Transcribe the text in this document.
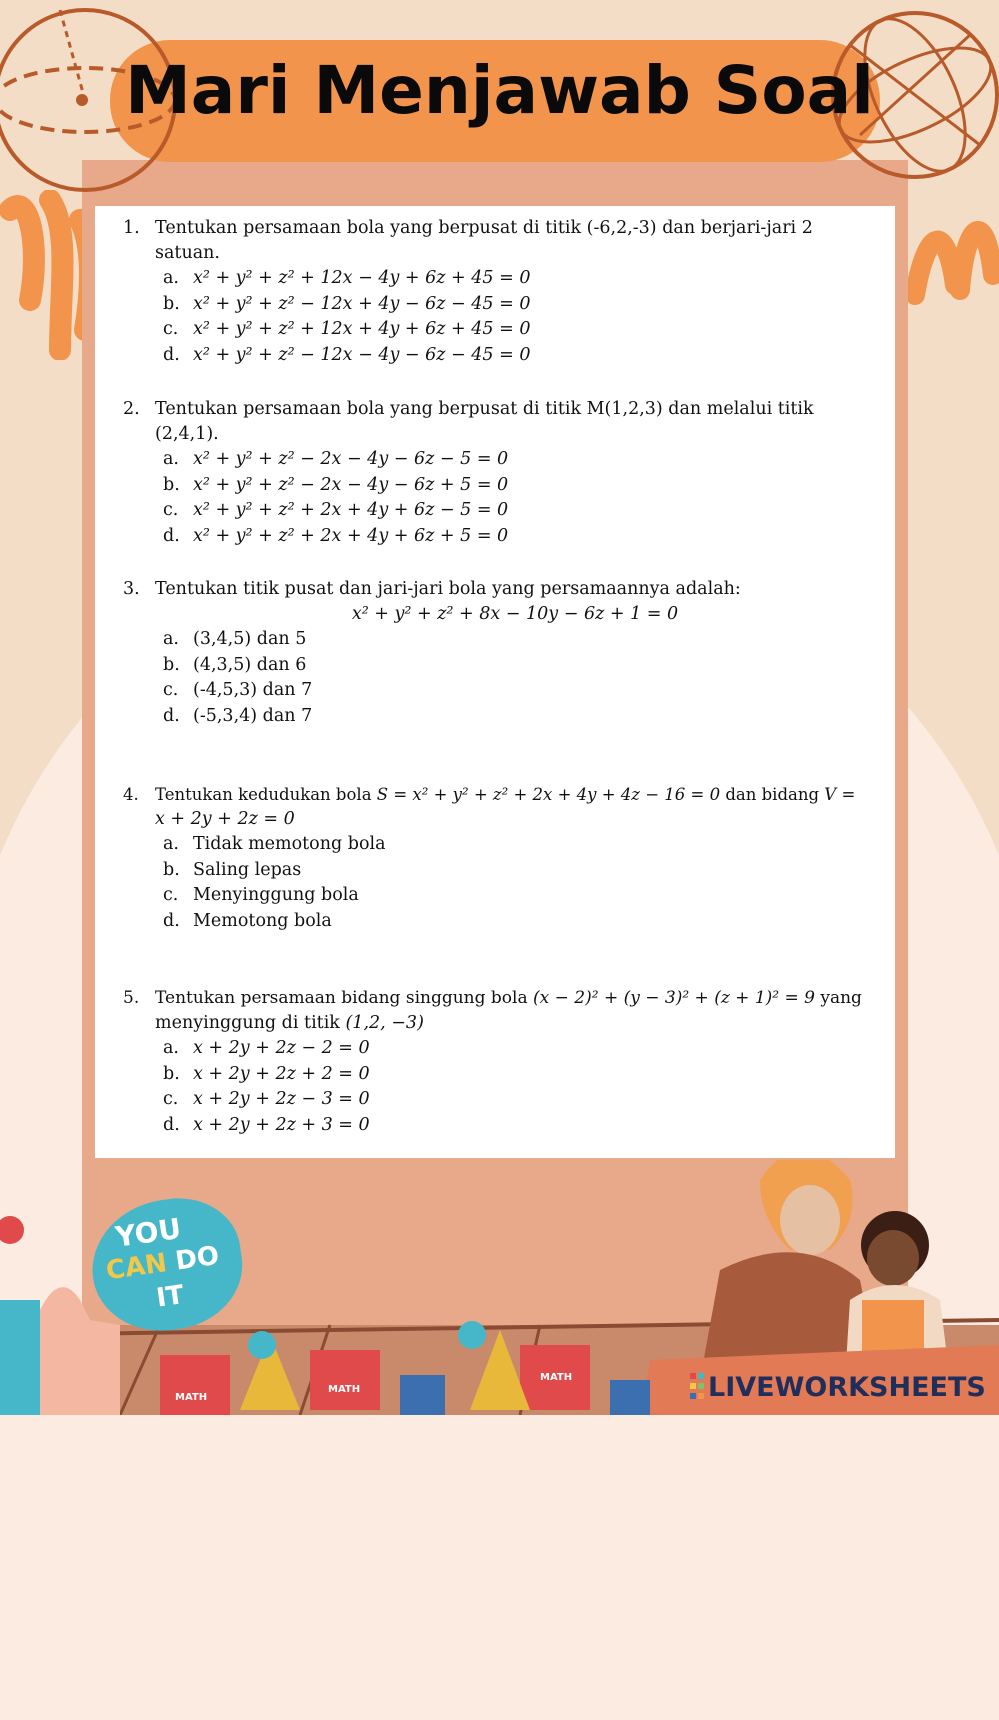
Mari Menjawab Soal
1. Tentukan persamaan bola yang berpusat di titik (-6,2,-3) dan berjari-jari 2 satuan.
a. x² + y² + z² + 12x − 4y + 6z + 45 = 0
b. x² + y² + z² − 12x + 4y − 6z − 45 = 0
c. x² + y² + z² + 12x + 4y + 6z + 45 = 0
d. x² + y² + z² − 12x − 4y − 6z − 45 = 0
2. Tentukan persamaan bola yang berpusat di titik M(1,2,3) dan melalui titik (2,4,1).
a. x² + y² + z² − 2x − 4y − 6z − 5 = 0
b. x² + y² + z² − 2x − 4y − 6z + 5 = 0
c. x² + y² + z² + 2x + 4y + 6z − 5 = 0
d. x² + y² + z² + 2x + 4y + 6z + 5 = 0
3. Tentukan titik pusat dan jari-jari bola yang persamaannya adalah:
x² + y² + z² + 8x − 10y − 6z + 1 = 0
a. (3,4,5) dan 5
b. (4,3,5) dan 6
c. (-4,5,3) dan 7
d. (-5,3,4) dan 7
4. Tentukan kedudukan bola S = x² + y² + z² + 2x + 4y + 4z − 16 = 0 dan bidang V =
x + 2y + 2z = 0
a. Tidak memotong bola
b. Saling lepas
c. Menyinggung bola
d. Memotong bola
5. Tentukan persamaan bidang singgung bola (x − 2)² + (y − 3)² + (z + 1)² = 9 yang
menyinggung di titik (1,2, −3)
a. x + 2y + 2z − 2 = 0
b. x + 2y + 2z + 2 = 0
c. x + 2y + 2z − 3 = 0
d. x + 2y + 2z + 3 = 0
MATH
MATH
MATH
YOU
CAN DO
IT
LIVEWORKSHEETS
